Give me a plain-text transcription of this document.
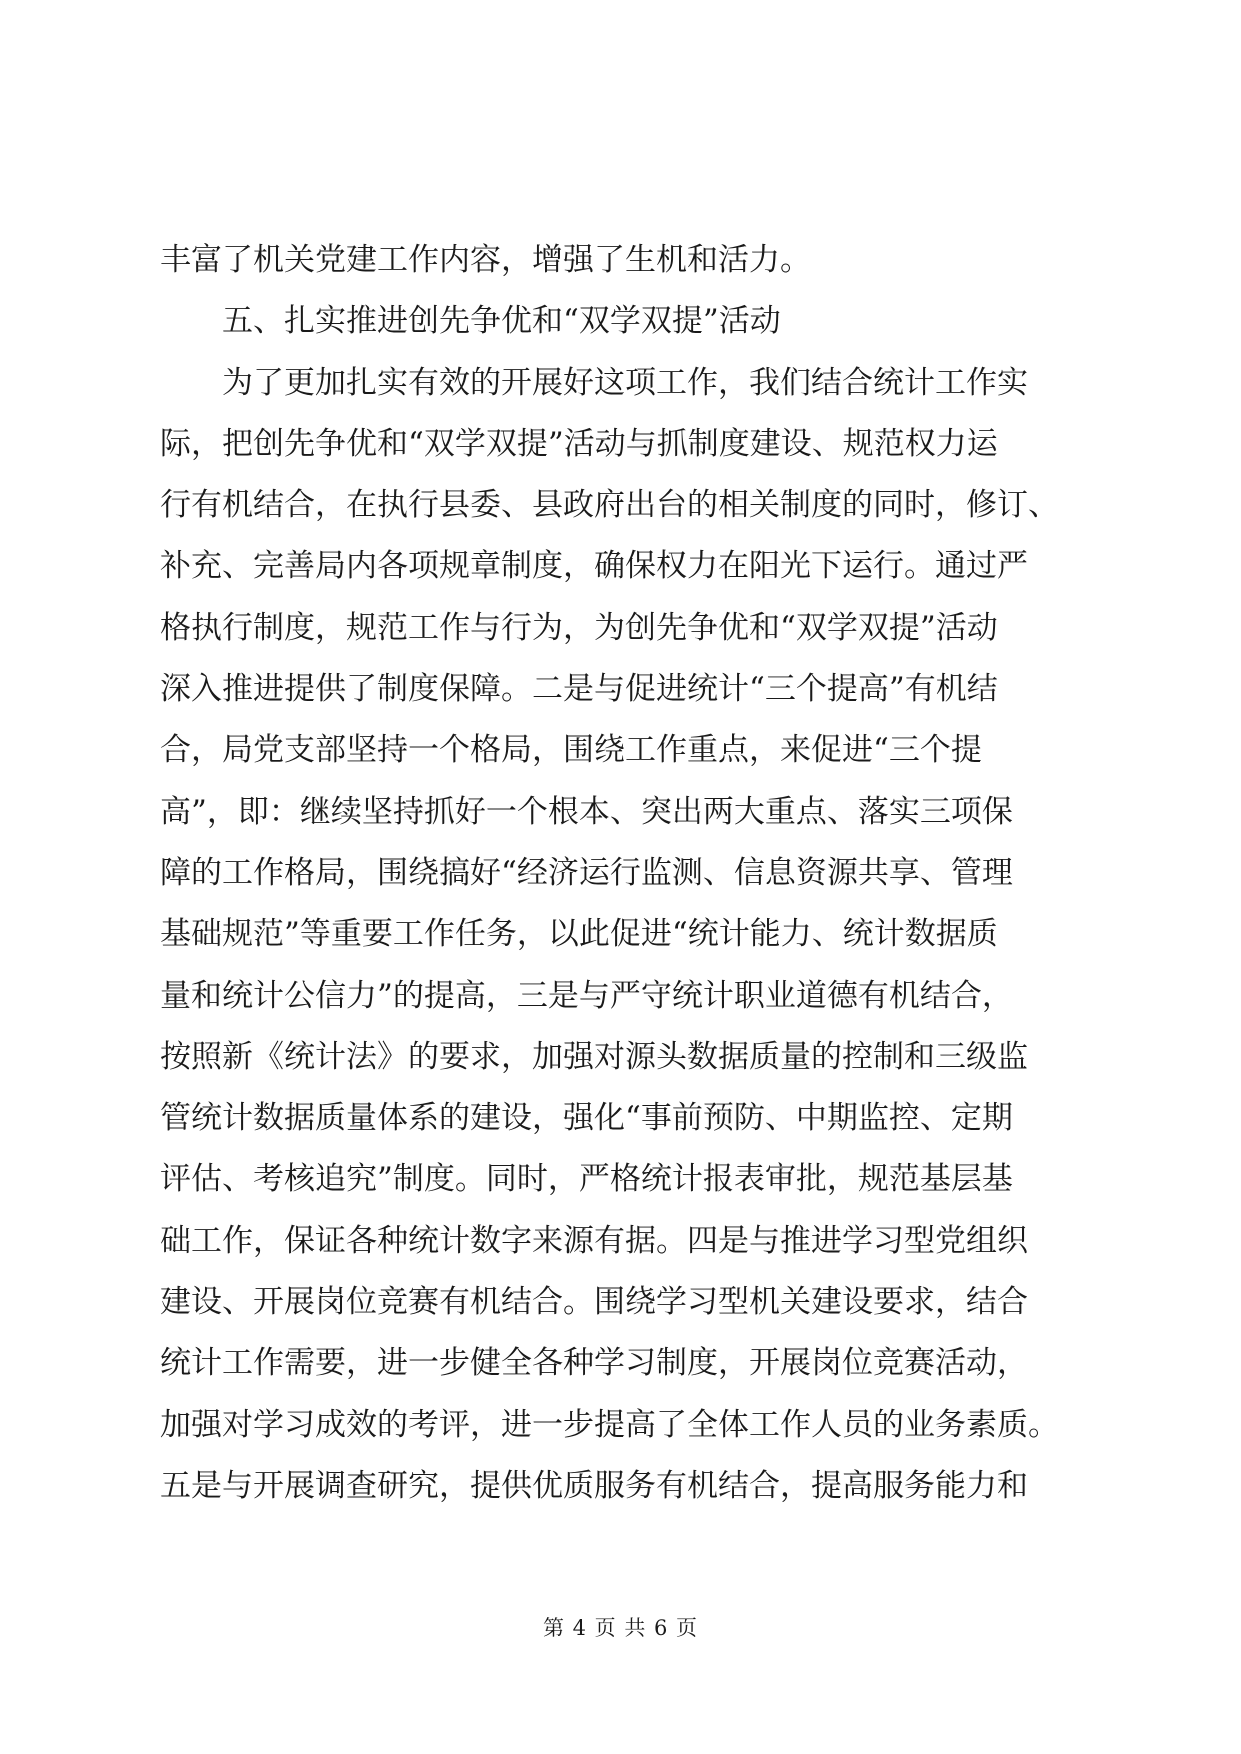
丰富了机关党建工作内容，增强了生机和活力。
五、扎实推进创先争优和“双学双提”活动
为了更加扎实有效的开展好这项工作，我们结合统计工作实
际，把创先争优和“双学双提”活动与抓制度建设、规范权力运
行有机结合，在执行县委、县政府出台的相关制度的同时，修订、
补充、完善局内各项规章制度，确保权力在阳光下运行。通过严
格执行制度，规范工作与行为，为创先争优和“双学双提”活动
深入推进提供了制度保障。二是与促进统计“三个提高”有机结
合，局党支部坚持一个格局，围绕工作重点，来促进“三个提
高”，即：继续坚持抓好一个根本、突出两大重点、落实三项保
障的工作格局，围绕搞好“经济运行监测、信息资源共享、管理
基础规范”等重要工作任务，以此促进“统计能力、统计数据质
量和统计公信力”的提高，三是与严守统计职业道德有机结合，
按照新《统计法》的要求，加强对源头数据质量的控制和三级监
管统计数据质量体系的建设，强化“事前预防、中期监控、定期
评估、考核追究”制度。同时，严格统计报表审批，规范基层基
础工作，保证各种统计数字来源有据。四是与推进学习型党组织
建设、开展岗位竞赛有机结合。围绕学习型机关建设要求，结合
统计工作需要，进一步健全各种学习制度，开展岗位竞赛活动，
加强对学习成效的考评，进一步提高了全体工作人员的业务素质。
五是与开展调查研究，提供优质服务有机结合，提高服务能力和
第 4 页 共 6 页
